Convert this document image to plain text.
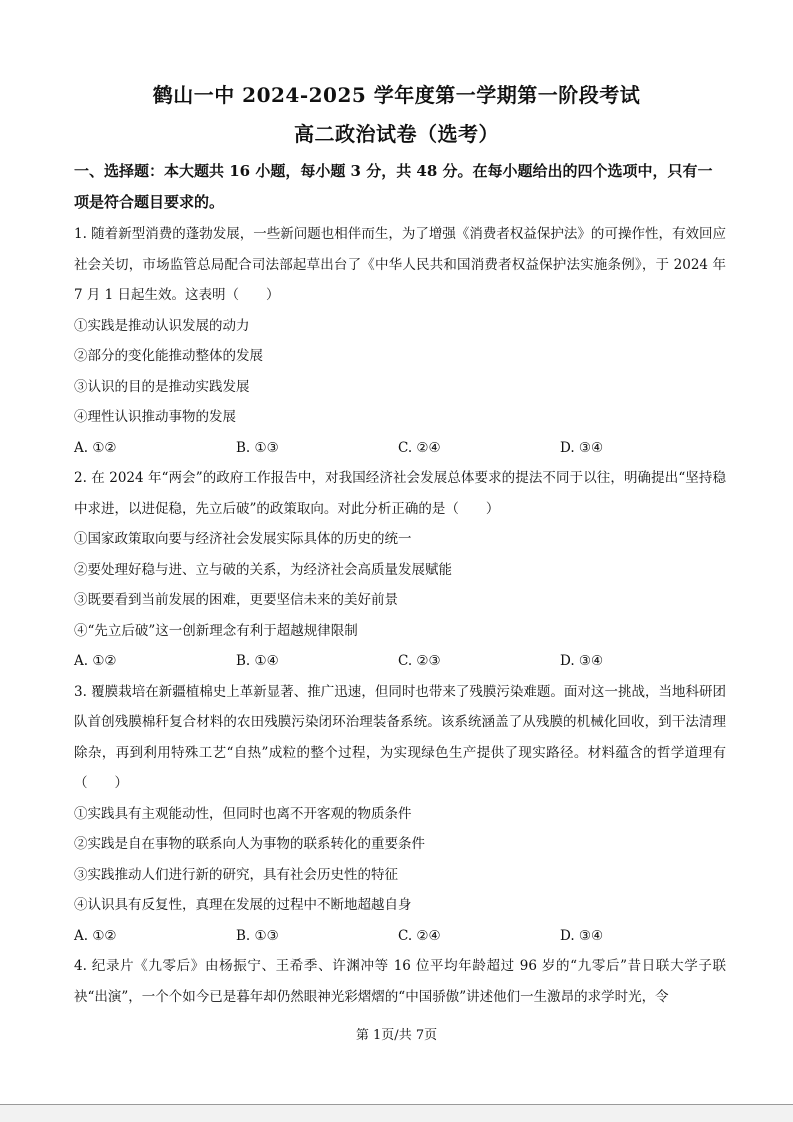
鹤山一中 2024-2025 学年度第一学期第一阶段考试
高二政治试卷（选考）
一、选择题：本大题共 16 小题，每小题 3 分，共 48 分。在每小题给出的四个选项中，只有一项是符合题目要求的。

1. 随着新型消费的蓬勃发展，一些新问题也相伴而生，为了增强《消费者权益保护法》的可操作性，有效回应社会关切，市场监管总局配合司法部起草出台了《中华人民共和国消费者权益保护法实施条例》，于 2024 年 7 月 1 日起生效。这表明（　　）

①实践是推动认识发展的动力

②部分的变化能推动整体的发展

③认识的目的是推动实践发展

④理性认识推动事物的发展

A. ①②	B. ①③	C. ②④	D. ③④

2. 在 2024 年“两会”的政府工作报告中，对我国经济社会发展总体要求的提法不同于以往，明确提出“坚持稳中求进，以进促稳，先立后破”的政策取向。对此分析正确的是（　　）

①国家政策取向要与经济社会发展实际具体的历史的统一

②要处理好稳与进、立与破的关系，为经济社会高质量发展赋能

③既要看到当前发展的困难，更要坚信未来的美好前景

④“先立后破”这一创新理念有利于超越规律限制

A. ①②	B. ①④	C. ②③	D. ③④

3. 覆膜栽培在新疆植棉史上革新显著、推广迅速，但同时也带来了残膜污染难题。面对这一挑战，当地科研团队首创残膜棉秆复合材料的农田残膜污染闭环治理装备系统。该系统涵盖了从残膜的机械化回收，到干法清理除杂，再到利用特殊工艺“自热”成粒的整个过程，为实现绿色生产提供了现实路径。材料蕴含的哲学道理有（　　）

①实践具有主观能动性，但同时也离不开客观的物质条件

②实践是自在事物的联系向人为事物的联系转化的重要条件

③实践推动人们进行新的研究，具有社会历史性的特征

④认识具有反复性，真理在发展的过程中不断地超越自身

A. ①②	B. ①③	C. ②④	D. ③④

4. 纪录片《九零后》由杨振宁、王希季、许渊冲等 16 位平均年龄超过 96 岁的“九零后”昔日联大学子联袂“出演”，一个个如今已是暮年却仍然眼神光彩熠熠的“中国骄傲”讲述他们一生激昂的求学时光，令

第 1页/共 7页
